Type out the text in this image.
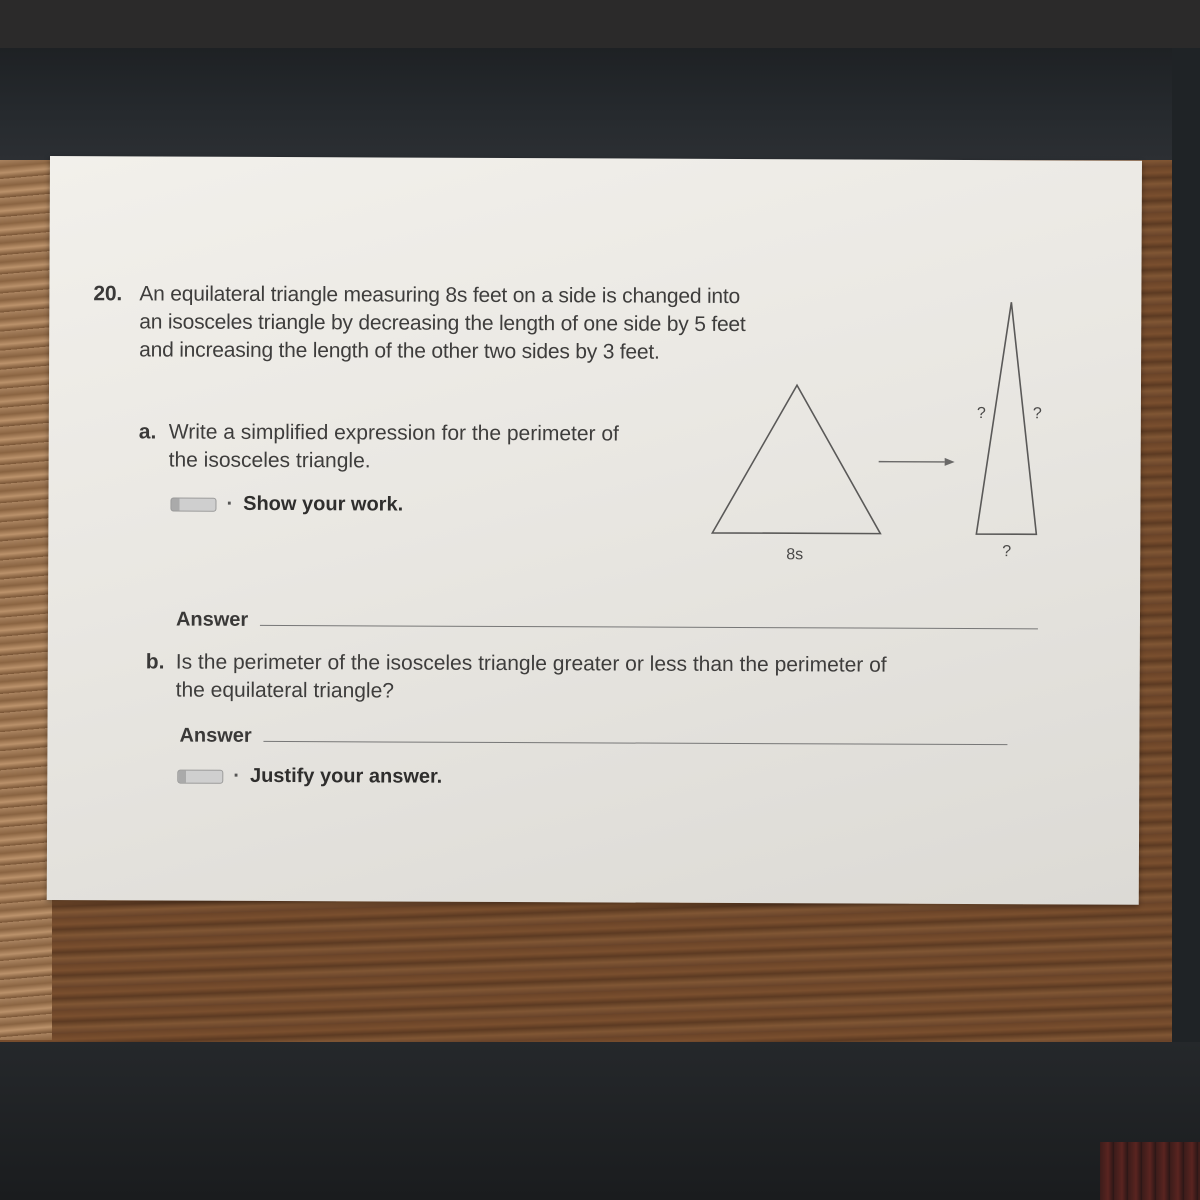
20. An equilateral triangle measuring 8s feet on a side is changed into an isosceles triangle by decreasing the length of one side by 5 feet and increasing the length of the other two sides by 3 feet.
a. Write a simplified expression for the perimeter of the isosceles triangle.
· Show your work.
Answer
b. Is the perimeter of the isosceles triangle greater or less than the perimeter of the equilateral triangle?
Answer
· Justify your answer.
8s
?	?
?
